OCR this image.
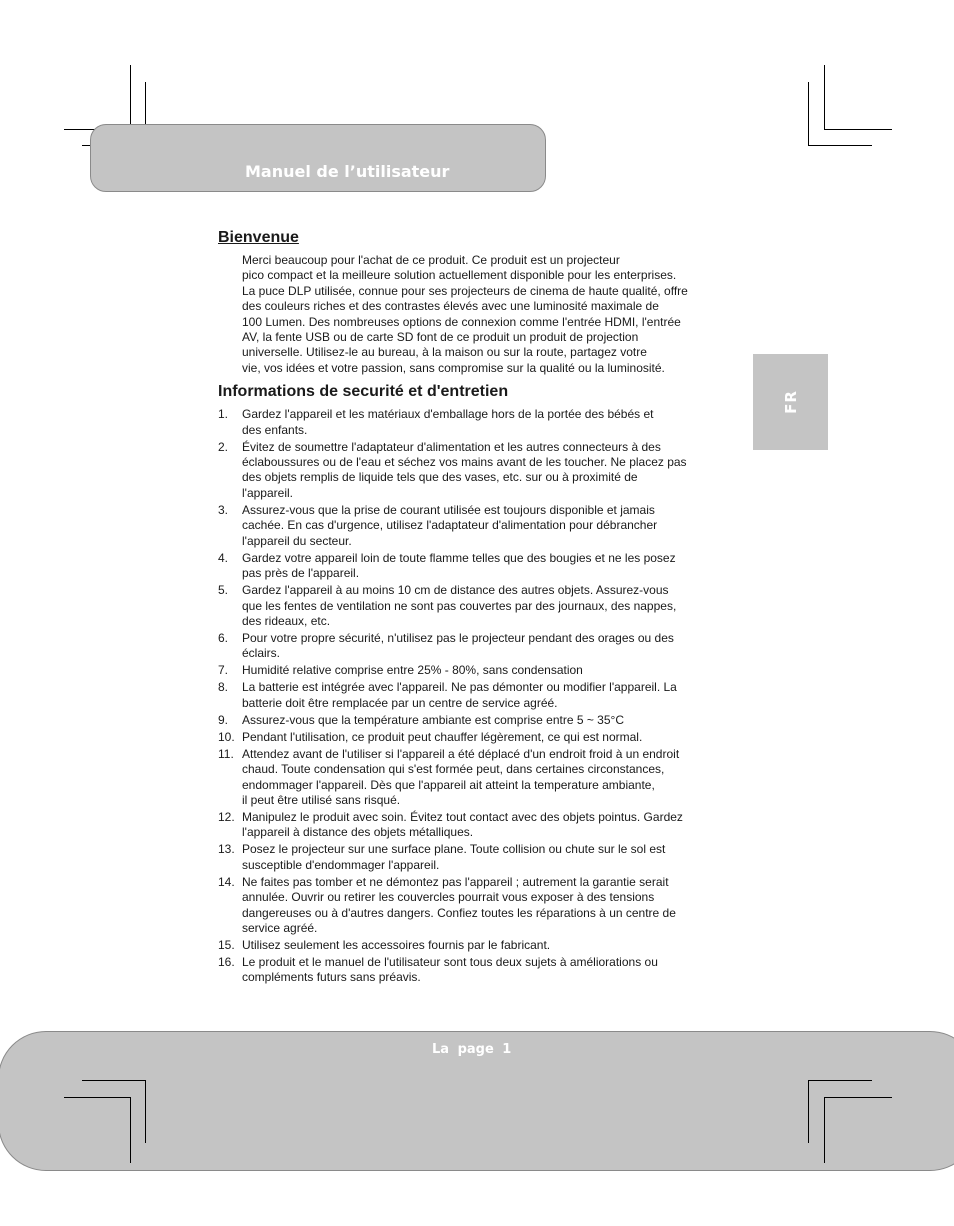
Manuel de l’utilisateur
FR
Bienvenue
Merci beaucoup pour l'achat de ce produit. Ce produit est un projecteur
pico compact et la meilleure solution actuellement disponible pour les enterprises.
La puce DLP utilisée, connue pour ses projecteurs de cinema de haute qualité, offre
des couleurs riches et des contrastes élevés avec une luminosité maximale de
100 Lumen. Des nombreuses options de connexion comme l'entrée HDMI, l'entrée
AV, la fente USB ou de carte SD font de ce produit un produit de projection
universelle. Utilisez-le au bureau, à la maison ou sur la route, partagez votre
vie, vos idées et votre passion, sans compromise sur la qualité ou la luminosité.
Informations de securité et d'entretien
1. Gardez l'appareil et les matériaux d'emballage hors de la portée des bébés et
des enfants.
2. Évitez de soumettre l'adaptateur d'alimentation et les autres connecteurs à des
éclaboussures ou de l'eau et séchez vos mains avant de les toucher. Ne placez pas
des objets remplis de liquide tels que des vases, etc. sur ou à proximité de
l'appareil.
3. Assurez-vous que la prise de courant utilisée est toujours disponible et jamais
cachée. En cas d'urgence, utilisez l'adaptateur d'alimentation pour débrancher
l'appareil du secteur.
4. Gardez votre appareil loin de toute flamme telles que des bougies et ne les posez
pas près de l'appareil.
5. Gardez l'appareil à au moins 10 cm de distance des autres objets. Assurez-vous
que les fentes de ventilation ne sont pas couvertes par des journaux, des nappes,
des rideaux, etc.
6. Pour votre propre sécurité, n'utilisez pas le projecteur pendant des orages ou des
éclairs.
7. Humidité relative comprise entre 25% - 80%, sans condensation
8. La batterie est intégrée avec l'appareil. Ne pas démonter ou modifier l'appareil. La
batterie doit être remplacée par un centre de service agréé.
9. Assurez-vous que la température ambiante est comprise entre 5 ~ 35°C
10. Pendant l'utilisation, ce produit peut chauffer légèrement, ce qui est normal.
11. Attendez avant de l'utiliser si l'appareil a été déplacé d'un endroit froid à un endroit
chaud. Toute condensation qui s'est formée peut, dans certaines circonstances,
endommager l'appareil. Dès que l'appareil ait atteint la temperature ambiante,
il peut être utilisé sans risqué.
12. Manipulez le produit avec soin. Évitez tout contact avec des objets pointus. Gardez
l'appareil à distance des objets métalliques.
13. Posez le projecteur sur une surface plane. Toute collision ou chute sur le sol est
susceptible d'endommager l'appareil.
14. Ne faites pas tomber et ne démontez pas l'appareil ; autrement la garantie serait
annulée. Ouvrir ou retirer les couvercles pourrait vous exposer à des tensions
dangereuses ou à d'autres dangers. Confiez toutes les réparations à un centre de
service agréé.
15. Utilisez seulement les accessoires fournis par le fabricant.
16. Le produit et le manuel de l'utilisateur sont tous deux sujets à améliorations ou
compléments futurs sans préavis.
La page 1
